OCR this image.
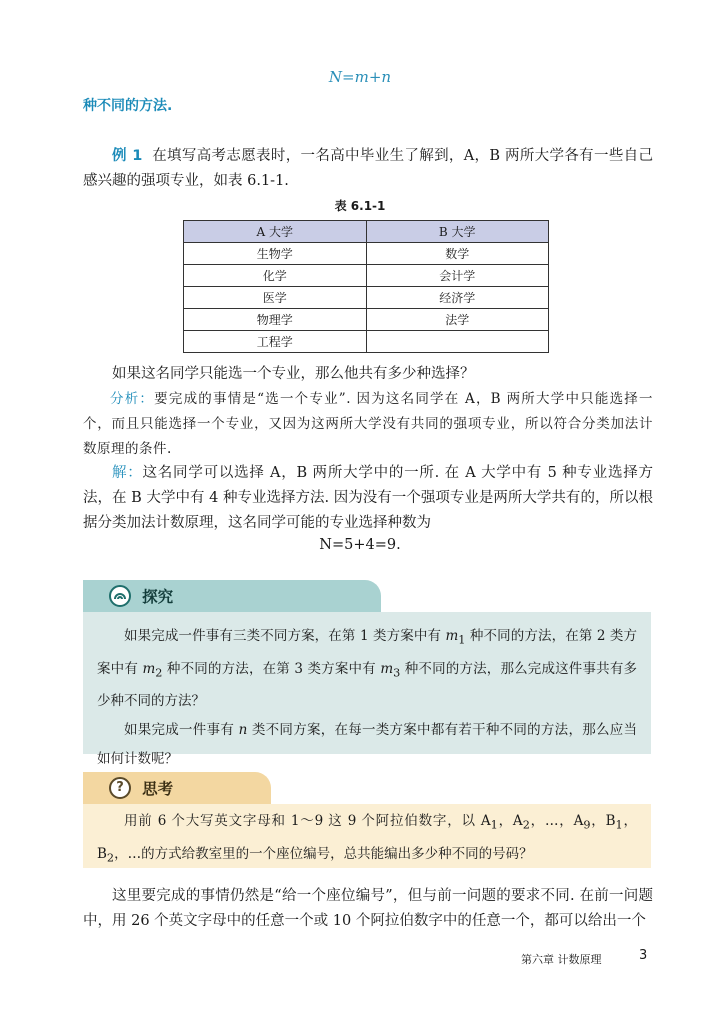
N=m+n
种不同的方法.

例 1 在填写高考志愿表时，一名高中毕业生了解到，A，B 两所大学各有一些自己感兴趣的强项专业，如表 6.1-1.

表 6.1-1
A 大学	B 大学
生物学	数学
化学	会计学
医学	经济学
物理学	法学
工程学	

如果这名同学只能选一个专业，那么他共有多少种选择？

分析：要完成的事情是“选一个专业”. 因为这名同学在 A，B 两所大学中只能选择一个，而且只能选择一个专业，又因为这两所大学没有共同的强项专业，所以符合分类加法计数原理的条件.

解：这名同学可以选择 A，B 两所大学中的一所. 在 A 大学中有 5 种专业选择方法，在 B 大学中有 4 种专业选择方法. 因为没有一个强项专业是两所大学共有的，所以根据分类加法计数原理，这名同学可能的专业选择种数为

N=5+4=9.
探究

如果完成一件事有三类不同方案，在第 1 类方案中有 $m_1$ 种不同的方法，在第 2 类方案中有 $m_2$ 种不同的方法，在第 3 类方案中有 $m_3$ 种不同的方法，那么完成这件事共有多少种不同的方法？

如果完成一件事有 n 类不同方案，在每一类方案中都有若干种不同的方法，那么应当如何计数呢？

? 思考

用前 6 个大写英文字母和 1～9 这 9 个阿拉伯数字，以 $A_1$，$A_2$，…，$A_9$，$B_1$，$B_2$，…的方式给教室里的一个座位编号，总共能编出多少种不同的号码？

这里要完成的事情仍然是“给一个座位编号”，但与前一问题的要求不同. 在前一问题中，用 26 个英文字母中的任意一个或 10 个阿拉伯数字中的任意一个，都可以给出一个

第六章 计数原理	3
